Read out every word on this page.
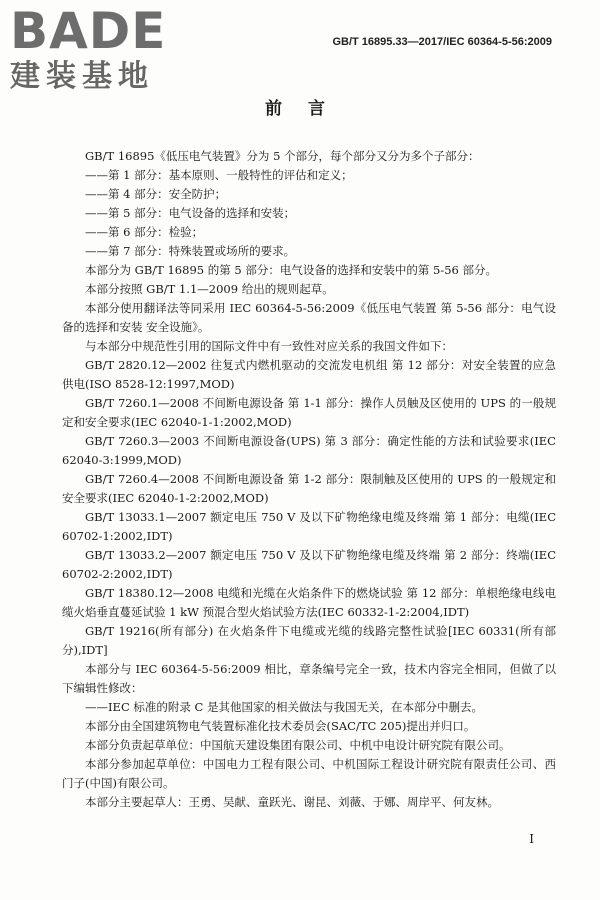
BADE
建装基地
GB/T 16895.33—2017/IEC 60364-5-56:2009
前 言

GB/T 16895《低压电气装置》分为 5 个部分，每个部分又分为多个子部分：

——第 1 部分：基本原则、一般特性的评估和定义；

——第 4 部分：安全防护；

——第 5 部分：电气设备的选择和安装；

——第 6 部分：检验；

——第 7 部分：特殊装置或场所的要求。

本部分为 GB/T 16895 的第 5 部分：电气设备的选择和安装中的第 5-56 部分。

本部分按照 GB/T 1.1—2009 给出的规则起草。

本部分使用翻译法等同采用 IEC 60364-5-56:2009《低压电气装置 第 5-56 部分：电气设备的选择和安装 安全设施》。

与本部分中规范性引用的国际文件中有一致性对应关系的我国文件如下：

GB/T 2820.12—2002 往复式内燃机驱动的交流发电机组 第 12 部分：对安全装置的应急供电(ISO 8528-12:1997,MOD)

GB/T 7260.1—2008 不间断电源设备 第 1-1 部分：操作人员触及区使用的 UPS 的一般规定和安全要求(IEC 62040-1-1:2002,MOD)

GB/T 7260.3—2003 不间断电源设备(UPS) 第 3 部分：确定性能的方法和试验要求(IEC 62040-3:1999,MOD)

GB/T 7260.4—2008 不间断电源设备 第 1-2 部分：限制触及区使用的 UPS 的一般规定和安全要求(IEC 62040-1-2:2002,MOD)

GB/T 13033.1—2007 额定电压 750 V 及以下矿物绝缘电缆及终端 第 1 部分：电缆(IEC 60702-1:2002,IDT)

GB/T 13033.2—2007 额定电压 750 V 及以下矿物绝缘电缆及终端 第 2 部分：终端(IEC 60702-2:2002,IDT)

GB/T 18380.12—2008 电缆和光缆在火焰条件下的燃烧试验 第 12 部分：单根绝缘电线电缆火焰垂直蔓延试验 1 kW 预混合型火焰试验方法(IEC 60332-1-2:2004,IDT)

GB/T 19216(所有部分) 在火焰条件下电缆或光缆的线路完整性试验[IEC 60331(所有部分),IDT]

本部分与 IEC 60364-5-56:2009 相比，章条编号完全一致，技术内容完全相同，但做了以下编辑性修改：

——IEC 标准的附录 C 是其他国家的相关做法与我国无关，在本部分中删去。

本部分由全国建筑物电气装置标准化技术委员会(SAC/TC 205)提出并归口。

本部分负责起草单位：中国航天建设集团有限公司、中机中电设计研究院有限公司。

本部分参加起草单位：中国电力工程有限公司、中机国际工程设计研究院有限责任公司、西门子(中国)有限公司。

本部分主要起草人：王勇、吴献、童跃光、谢昆、刘薇、于娜、周岸平、何友林。

I
